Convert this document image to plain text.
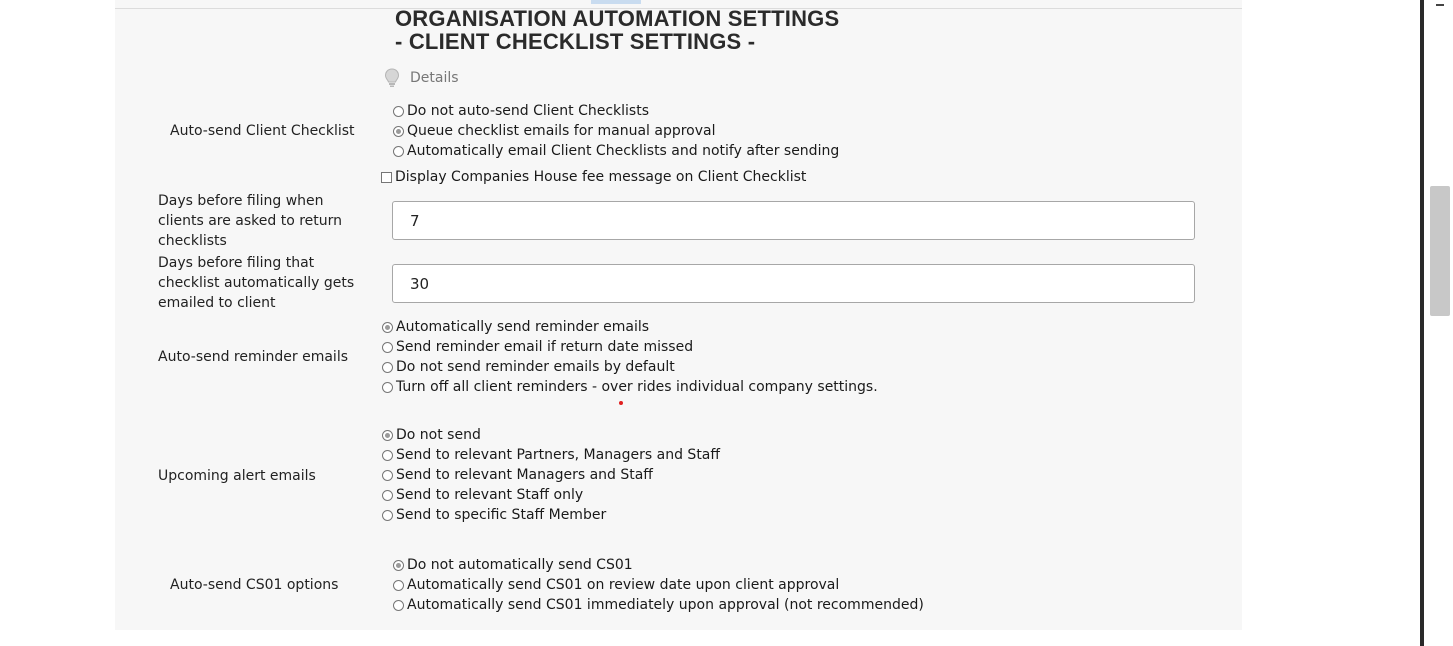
ORGANISATION AUTOMATION SETTINGS
- CLIENT CHECKLIST SETTINGS -
Details
Auto-send Client Checklist
Do not auto-send Client Checklists
Queue checklist emails for manual approval
Automatically email Client Checklists and notify after sending
Display Companies House fee message on Client Checklist
Days before filing when clients are asked to return checklists
7
Days before filing that checklist automatically gets emailed to client
30
Auto-send reminder emails
Automatically send reminder emails
Send reminder email if return date missed
Do not send reminder emails by default
Turn off all client reminders - over rides individual company settings.
Upcoming alert emails
Do not send
Send to relevant Partners, Managers and Staff
Send to relevant Managers and Staff
Send to relevant Staff only
Send to specific Staff Member
Auto-send CS01 options
Do not automatically send CS01
Automatically send CS01 on review date upon client approval
Automatically send CS01 immediately upon approval (not recommended)
